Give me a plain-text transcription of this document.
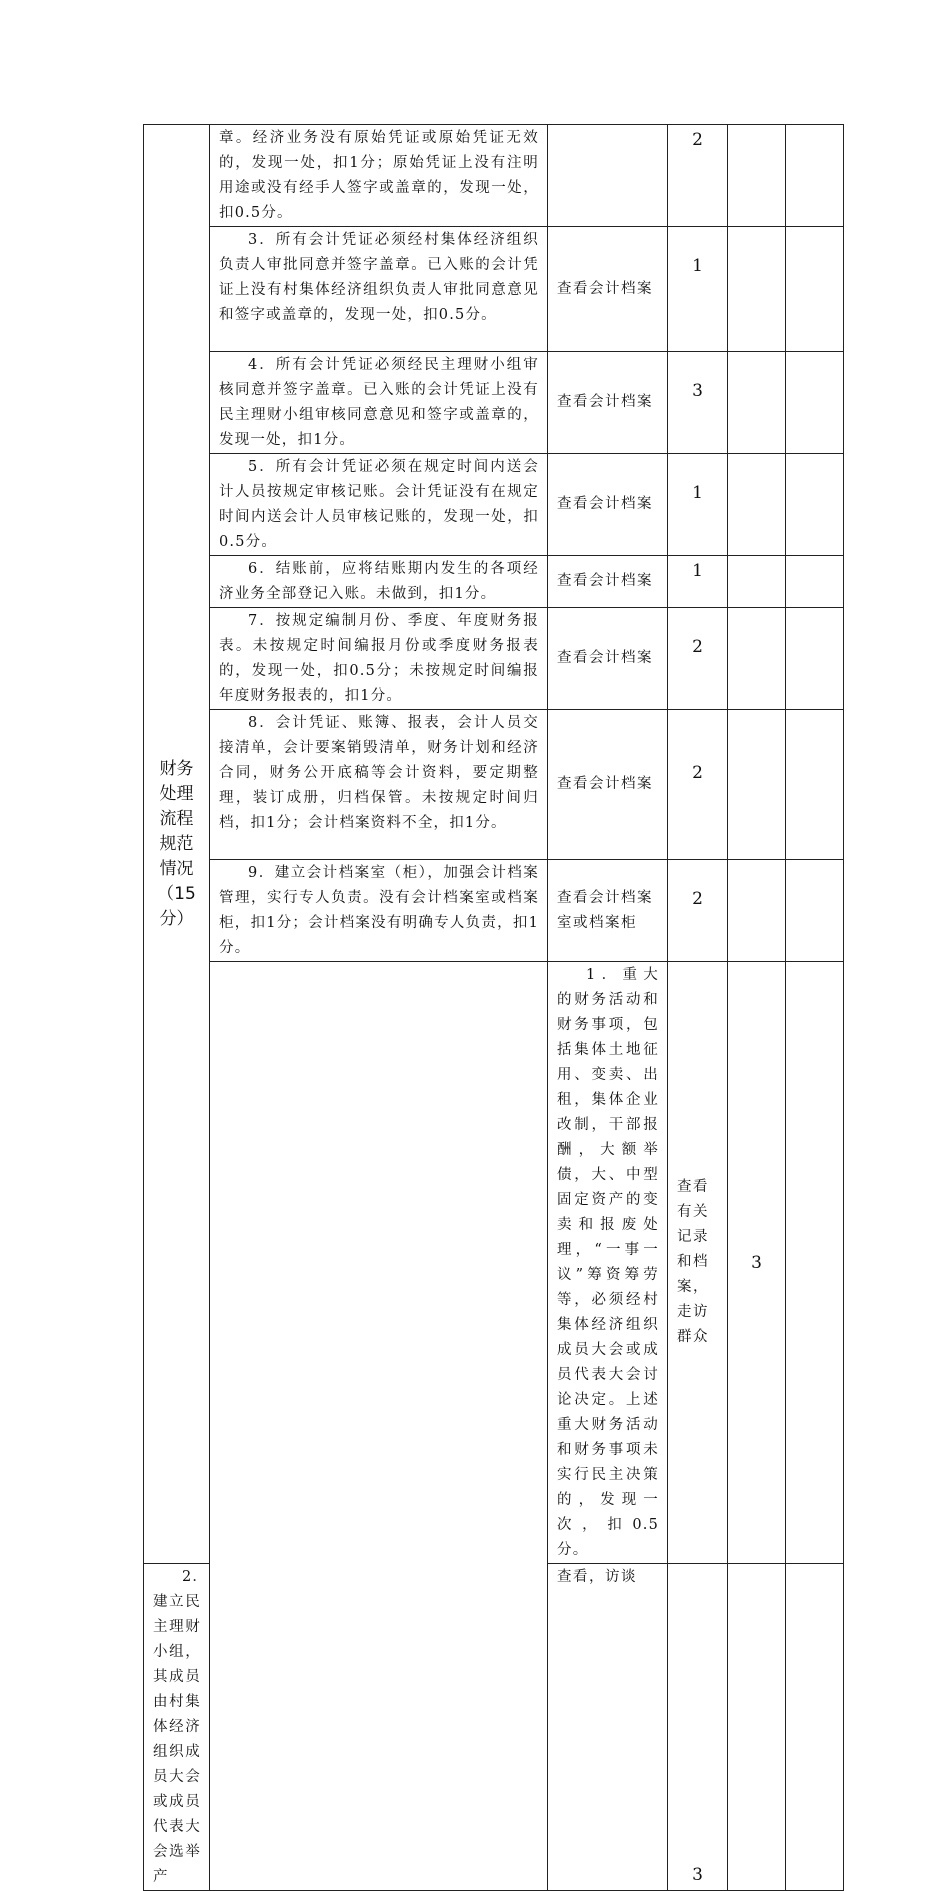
财务处理流程规范情况（15分）	章。经济业务没有原始凭证或原始凭证无效的，发现一处，扣1分；原始凭证上没有注明用途或没有经手人签字或盖章的，发现一处，扣0.5分。		2			

	3．所有会计凭证必须经村集体经济组织负责人审批同意并签字盖章。已入账的会计凭证上没有村集体经济组织负责人审批同意意见和签字或盖章的，发现一处，扣0.5分。	查看会计档案	1			

	4．所有会计凭证必须经民主理财小组审核同意并签字盖章。已入账的会计凭证上没有民主理财小组审核同意意见和签字或盖章的，发现一处，扣1分。	查看会计档案	3			

	5．所有会计凭证必须在规定时间内送会计人员按规定审核记账。会计凭证没有在规定时间内送会计人员审核记账的，发现一处，扣0.5分。	查看会计档案	1			

	6．结账前，应将结账期内发生的各项经济业务全部登记入账。未做到，扣1分。	查看会计档案	1			

	7．按规定编制月份、季度、年度财务报表。未按规定时间编报月份或季度财务报表的，发现一处，扣0.5分；未按规定时间编报年度财务报表的，扣1分。	查看会计档案	2			

	8．会计凭证、账簿、报表，会计人员交接清单，会计要案销毁清单，财务计划和经济合同，财务公开底稿等会计资料，要定期整理，装订成册，归档保管。未按规定时间归档，扣1分；会计档案资料不全，扣1分。	查看会计档案	2			

	9．建立会计档案室（柜），加强会计档案管理，实行专人负责。没有会计档案室或档案柜，扣1分；会计档案没有明确专人负责，扣1分。	查看会计档案室或档案柜	2			

		1．重大的财务活动和财务事项，包括集体土地征用、变卖、出租，集体企业改制，干部报酬，大额举债，大、中型固定资产的变卖和报废处理，“一事一议”筹资筹劳等，必须经村集体经济组织成员大会或成员代表大会讨论决定。上述重大财务活动和财务事项未实行民主决策的，发现一次，扣0.5分。	查看有关记录和档案，走访群众	3		

2．建立民主理财小组，其成员由村集体经济组织成员大会或成员代表大会选举产		查看，访谈	3			
